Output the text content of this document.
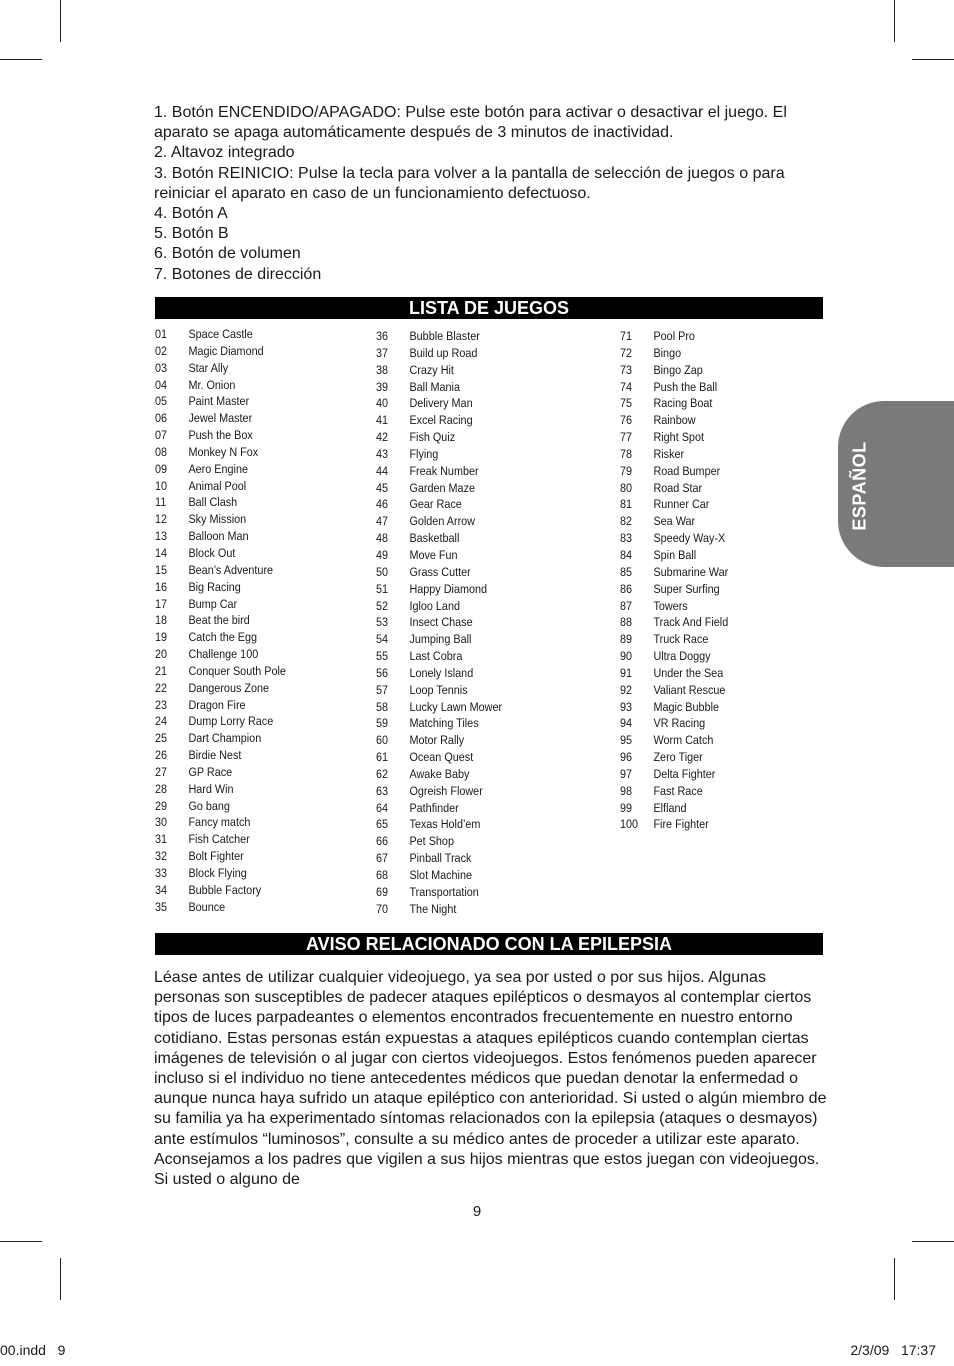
1. Botón ENCENDIDO/APAGADO: Pulse este botón para activar o desactivar el juego. El aparato se apaga automáticamente después de 3 minutos de inactividad.
2. Altavoz integrado
3. Botón REINICIO: Pulse la tecla para volver a la pantalla de selección de juegos o para reiniciar el aparato en caso de un funcionamiento defectuoso.
4. Botón A
5. Botón B
6. Botón de volumen
7. Botones de dirección
LISTA DE JUEGOS
01	Space Castle
02	Magic Diamond
03	Star Ally
04	Mr. Onion
05	Paint Master
06	Jewel Master
07	Push the Box
08	Monkey N Fox
09	Aero Engine
10	Animal Pool
11	Ball Clash
12	Sky Mission
13	Balloon Man
14	Block Out
15	Bean’s Adventure
16	Big Racing
17	Bump Car
18	Beat the bird
19	Catch the Egg
20	Challenge 100
21	Conquer South Pole
22	Dangerous Zone
23	Dragon Fire
24	Dump Lorry Race
25	Dart Champion
26	Birdie Nest
27	GP Race
28	Hard Win
29	Go bang
30	Fancy match
31	Fish Catcher
32	Bolt Fighter
33	Block Flying
34	Bubble Factory
35	Bounce
36	Bubble Blaster
37	Build up Road
38	Crazy Hit
39	Ball Mania
40	Delivery Man
41	Excel Racing
42	Fish Quiz
43	Flying
44	Freak Number
45	Garden Maze
46	Gear Race
47	Golden Arrow
48	Basketball
49	Move Fun
50	Grass Cutter
51	Happy Diamond
52	Igloo Land
53	Insect Chase
54	Jumping Ball
55	Last Cobra
56	Lonely Island
57	Loop Tennis
58	Lucky Lawn Mower
59	Matching Tiles
60	Motor Rally
61	Ocean Quest
62	Awake Baby
63	Ogreish Flower
64	Pathfinder
65	Texas Hold’em
66	Pet Shop
67	Pinball Track
68	Slot Machine
69	Transportation
70	The Night
71	Pool Pro
72	Bingo
73	Bingo Zap
74	Push the Ball
75	Racing Boat
76	Rainbow
77	Right Spot
78	Risker
79	Road Bumper
80	Road Star
81	Runner Car
82	Sea War
83	Speedy Way-X
84	Spin Ball
85	Submarine War
86	Super Surfing
87	Towers
88	Track And Field
89	Truck Race
90	Ultra Doggy
91	Under the Sea
92	Valiant Rescue
93	Magic Bubble
94	VR Racing
95	Worm Catch
96	Zero Tiger
97	Delta Fighter
98	Fast Race
99	Elfland
100	Fire Fighter
AVISO RELACIONADO CON LA EPILEPSIA

Léase antes de utilizar cualquier videojuego, ya sea por usted o por sus hijos. Algunas personas son susceptibles de padecer ataques epilépticos o desmayos al contemplar ciertos tipos de luces parpadeantes o elementos encontrados frecuentemente en nuestro entorno cotidiano. Estas personas están expuestas a ataques epilépticos cuando contemplan ciertas imágenes de televisión o al jugar con ciertos videojuegos. Estos fenómenos pueden aparecer incluso si el individuo no tiene antecedentes médicos que puedan denotar la enfermedad o aunque nunca haya sufrido un ataque epiléptico con anterioridad. Si usted o algún miembro de su familia ya ha experimentado síntomas relacionados con la epilepsia (ataques o desmayos) ante estímulos “luminosos”, consulte a su médico antes de proceder a utilizar este aparato. Aconsejamos a los padres que vigilen a sus hijos mientras que estos juegan con videojuegos. Si usted o alguno de

9
ESPAÑOL
00.indd   9	2/3/09   17:37
